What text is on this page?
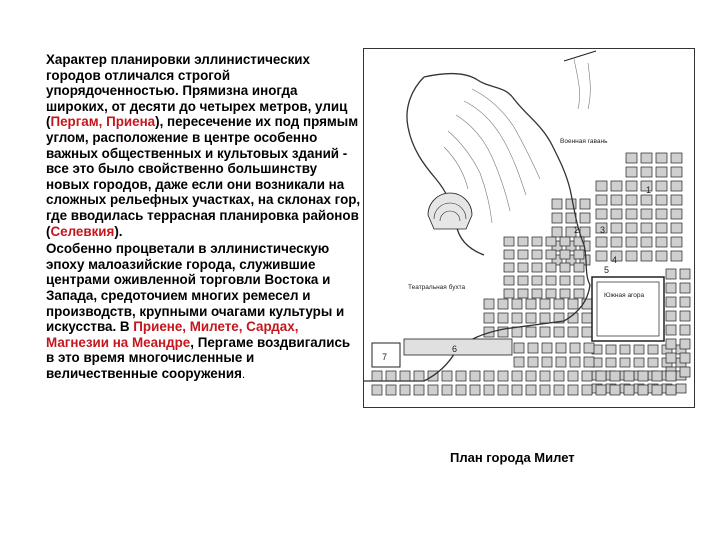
Характер планировки эллинистических городов отличался строгой упорядоченностью. Прямизна иногда широких, от десяти до четырех метров, улиц (Пергам, Приена), пересечение их под прямым углом, расположение в центре особенно важных общественных и культовых зданий - все это было свойственно большинству новых городов, даже если они возникали на сложных рельефных участках, на склонах гор, где вводилась террасная планировка районов (Селевкия).

Особенно процветали в эллинистическую эпоху малоазийские города, служившие центрами оживленной торговли Востока и Запада, средоточием многих ремесел и производств, крупными очагами культуры и искусства. В Приене, Милете, Сардах, Магнезии на Меандре, Пергаме воздвигались в это время многочисленные и величественные сооружения.

Военная гавань
Театральная бухта
Южная агора
1
2 3
4
5
6
7
План города Милет
